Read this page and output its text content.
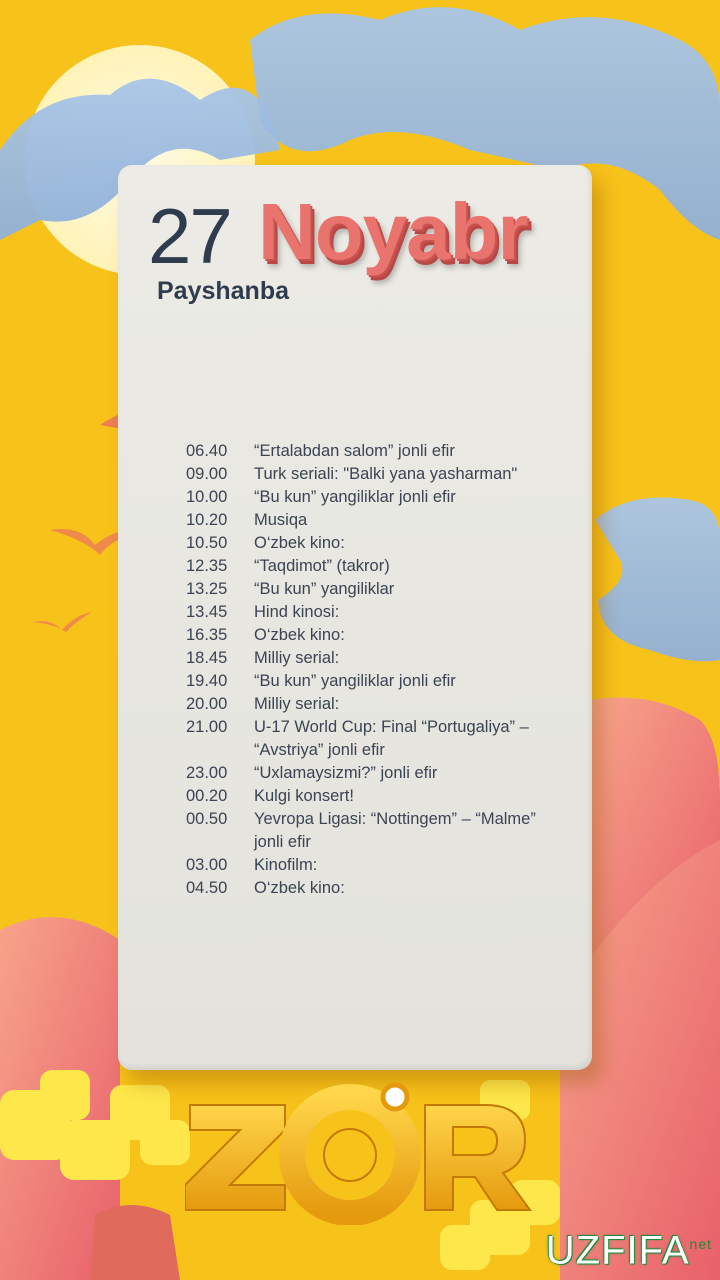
27 Noyabr
Payshanba
06.40	“Ertalabdan salom” jonli efir
09.00	Turk seriali: "Balki yana yasharman"
10.00	“Bu kun” yangiliklar jonli efir
10.20	Musiqa
10.50	O‘zbek kino:
12.35	“Taqdimot” (takror)
13.25	“Bu kun” yangiliklar
13.45	Hind kinosi:
16.35	O‘zbek kino:
18.45	Milliy serial:
19.40	“Bu kun” yangiliklar jonli efir
20.00	Milliy serial:
21.00	U-17 World Cup: Final “Portugaliya” – “Avstriya” jonli efir
23.00	“Uxlamaysizmi?” jonli efir
00.20	Kulgi konsert!
00.50	Yevropa Ligasi: “Nottingem” – “Malme” jonli efir
03.00	Kinofilm:
04.50	O‘zbek kino:
$UZFIFA^{net}$
